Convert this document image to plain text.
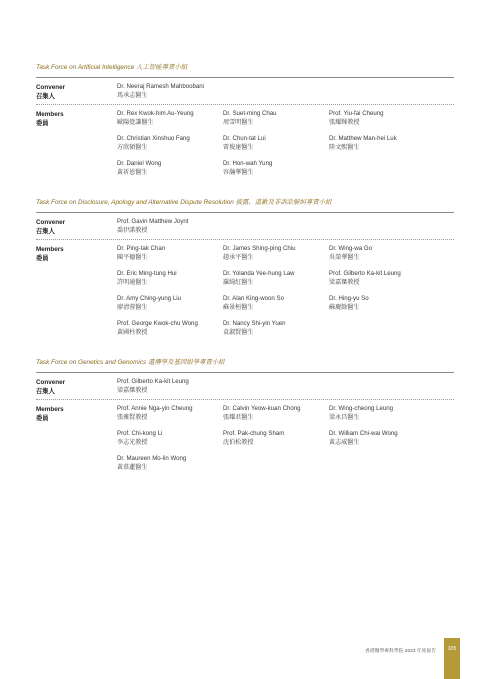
Task Force on Artificial Intelligence 人工智能專責小組
Convener
召集人
Dr. Neeraj Ramesh Mahboobani
馬承志醫生
Members
委員
Dr. Rex Kwok-him Au-Yeung
歐陽覺謙醫生
Dr. Suet-ming Chau
周雪明醫生
Prof. Yiu-fai Cheung
張耀輝教授
Dr. Christian Xinshuo Fang
方欣碩醫生
Dr. Chun-tat Lui
雷俊達醫生
Dr. Matthew Man-hei Luk
陸文熙醫生
Dr. Daniel Wong
黃祈恩醫生
Dr. Hon-wah Yung
容瀚華醫生
Task Force on Disclosure, Apology and Alternative Dispute Resolution 披露、道歉及非訴訟解糾專責小組
Convener
召集人
Prof. Gavin Matthew Joynt
喬伊諾教授
Members
委員
Dr. Ping-tak Chan
陳平德醫生
Dr. James Shing-ping Chiu
趙承平醫生
Dr. Wing-wa Go
吳榮華醫生
Dr. Eric Ming-tung Hui
許明通醫生
Dr. Yolanda Yee-hung Law
羅綺紅醫生
Prof. Gilberto Ka-kit Leung
梁嘉傑教授
Dr. Amy Ching-yung Liu
廖清蓉醫生
Dr. Alan King-woon So
蘇景桓醫生
Dr. Hing-yu So
蘇慶餘醫生
Prof. George Kwok-chu Wong
黃國柱教授
Dr. Nancy Shi-yin Yuen
袁淑賢醫生
Task Force on Genetics and Genomics 遺傳學及基因組學專責小組
Convener
召集人
Prof. Gilberto Ka-kit Leung
梁嘉傑教授
Members
委員
Prof. Annie Nga-yin Cheung
張雅賢教授
Dr. Calvin Yeow-kuan Chong
張耀君醫生
Dr. Wing-cheong Leung
梁永昌醫生
Prof. Chi-kong Li
李志光教授
Prof. Pak-chung Sham
沈伯松教授
Dr. William Chi-wai Wong
黃志威醫生
Dr. Maureen Mo-lin Wong
黃慕蓮醫生
香港醫學專科學院 2023 年度報告	105
